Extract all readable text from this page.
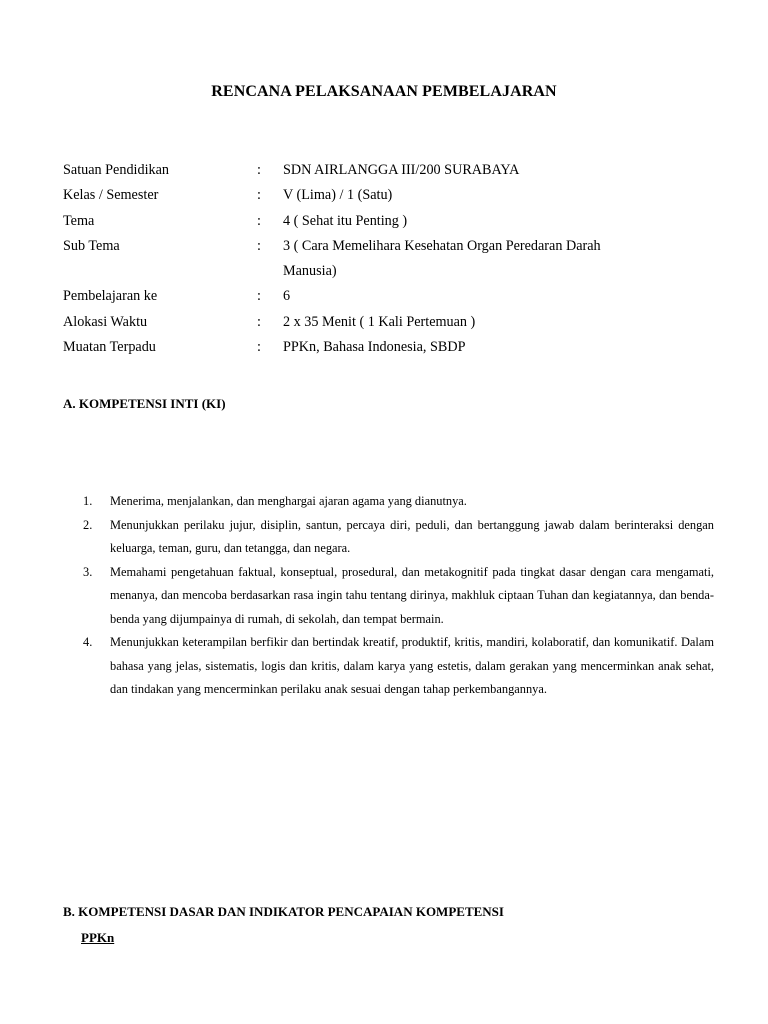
RENCANA PELAKSANAAN PEMBELAJARAN
Satuan Pendidikan	:	SDN AIRLANGGA III/200 SURABAYA
Kelas / Semester	:	V (Lima) / 1 (Satu)
Tema	:	4 ( Sehat itu Penting )
Sub Tema	:	3 ( Cara Memelihara Kesehatan Organ Peredaran Darah Manusia)
Pembelajaran ke	:	6
Alokasi Waktu	:	2 x 35 Menit ( 1 Kali Pertemuan )
Muatan Terpadu	:	PPKn, Bahasa Indonesia, SBDP
A. KOMPETENSI INTI (KI)
1.	Menerima, menjalankan, dan menghargai ajaran agama yang dianutnya.
2.	Menunjukkan perilaku jujur, disiplin, santun, percaya diri, peduli, dan bertanggung jawab dalam berinteraksi dengan keluarga, teman, guru, dan tetangga, dan negara.
3.	Memahami pengetahuan faktual, konseptual, prosedural, dan metakognitif pada tingkat dasar dengan cara mengamati, menanya, dan mencoba berdasarkan rasa ingin tahu tentang dirinya, makhluk ciptaan Tuhan dan kegiatannya, dan benda-benda yang dijumpainya di rumah, di sekolah, dan tempat bermain.
4.	Menunjukkan keterampilan berfikir dan bertindak kreatif, produktif, kritis, mandiri, kolaboratif, dan komunikatif. Dalam bahasa yang jelas, sistematis, logis dan kritis, dalam karya yang estetis, dalam gerakan yang mencerminkan anak sehat, dan tindakan yang mencerminkan perilaku anak sesuai dengan tahap perkembangannya.
B. KOMPETENSI DASAR DAN INDIKATOR PENCAPAIAN KOMPETENSI
PPKn
